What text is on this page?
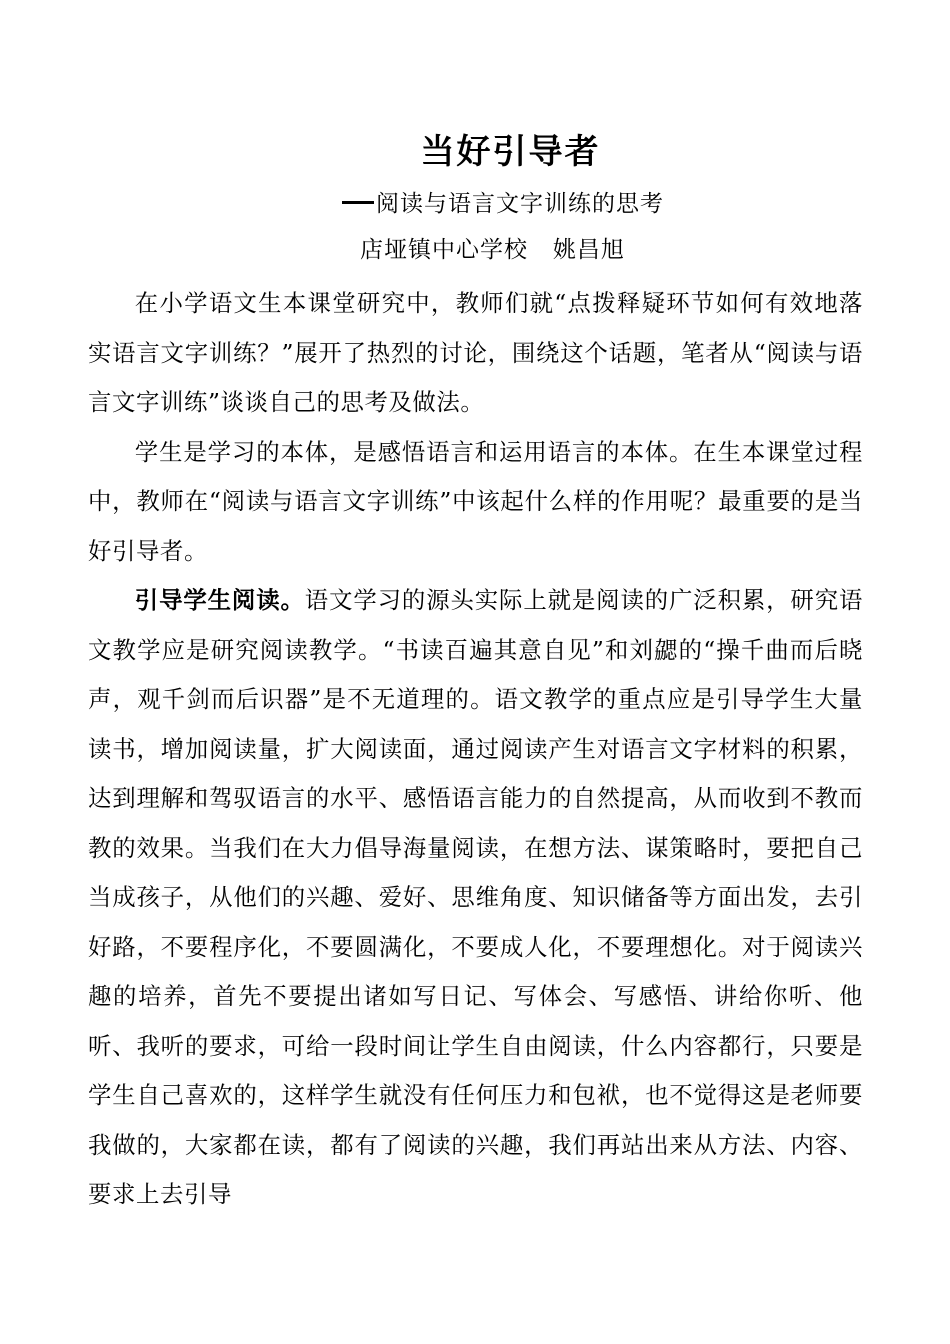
当好引导者
阅读与语言文字训练的思考
店垭镇中心学校   姚昌旭

在小学语文生本课堂研究中，教师们就“点拨释疑环节如何有效地落实语言文字训练？”展开了热烈的讨论，围绕这个话题，笔者从“阅读与语言文字训练”谈谈自己的思考及做法。

学生是学习的本体，是感悟语言和运用语言的本体。在生本课堂过程中，教师在“阅读与语言文字训练”中该起什么样的作用呢？最重要的是当好引导者。

引导学生阅读。语文学习的源头实际上就是阅读的广泛积累，研究语文教学应是研究阅读教学。“书读百遍其意自见”和刘勰的“操千曲而后晓声，观千剑而后识器”是不无道理的。语文教学的重点应是引导学生大量读书，增加阅读量，扩大阅读面，通过阅读产生对语言文字材料的积累，达到理解和驾驭语言的水平、感悟语言能力的自然提高，从而收到不教而教的效果。当我们在大力倡导海量阅读，在想方法、谋策略时，要把自己当成孩子，从他们的兴趣、爱好、思维角度、知识储备等方面出发，去引好路，不要程序化，不要圆满化，不要成人化，不要理想化。对于阅读兴趣的培养，首先不要提出诸如写日记、写体会、写感悟、讲给你听、他听、我听的要求，可给一段时间让学生自由阅读，什么内容都行，只要是学生自己喜欢的，这样学生就没有任何压力和包袱，也不觉得这是老师要我做的，大家都在读，都有了阅读的兴趣，我们再站出来从方法、内容、要求上去引导
